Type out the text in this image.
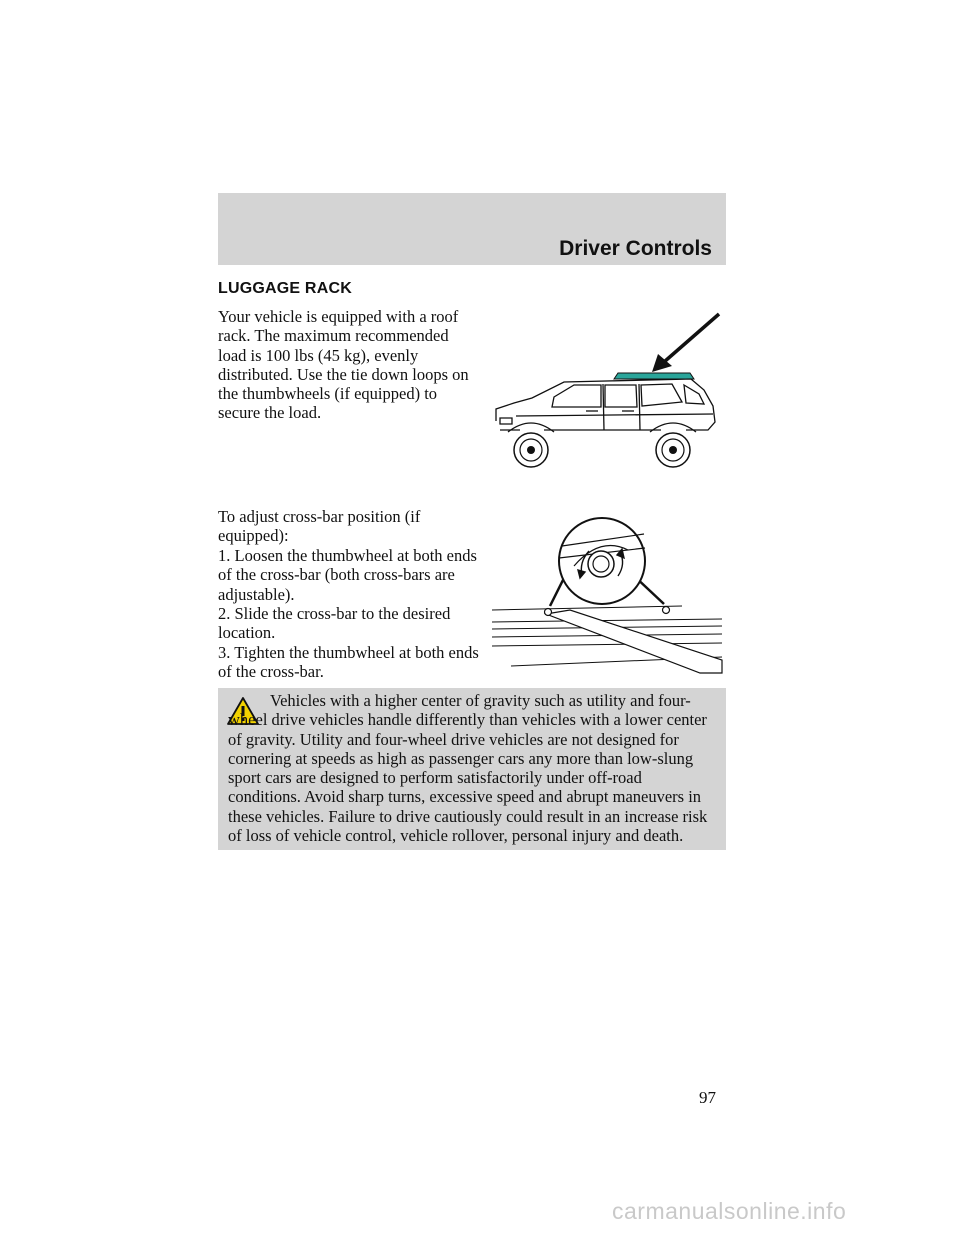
Driver Controls
LUGGAGE RACK
Your vehicle is equipped with a roof rack. The maximum recommended load is 100 lbs (45 kg), evenly distributed. Use the tie down loops on the thumbwheels (if equipped) to secure the load.
To adjust cross-bar position (if equipped):
1. Loosen the thumbwheel at both ends of the cross-bar (both cross-bars are adjustable).
2. Slide the cross-bar to the desired location.
3. Tighten the thumbwheel at both ends of the cross-bar.
Vehicles with a higher center of gravity such as utility and four-wheel drive vehicles handle differently than vehicles with a lower center of gravity. Utility and four-wheel drive vehicles are not designed for cornering at speeds as high as passenger cars any more than low-slung sport cars are designed to perform satisfactorily under off-road conditions. Avoid sharp turns, excessive speed and abrupt maneuvers in these vehicles. Failure to drive cautiously could result in an increase risk of loss of vehicle control, vehicle rollover, personal injury and death.
97
carmanualsonline.info
